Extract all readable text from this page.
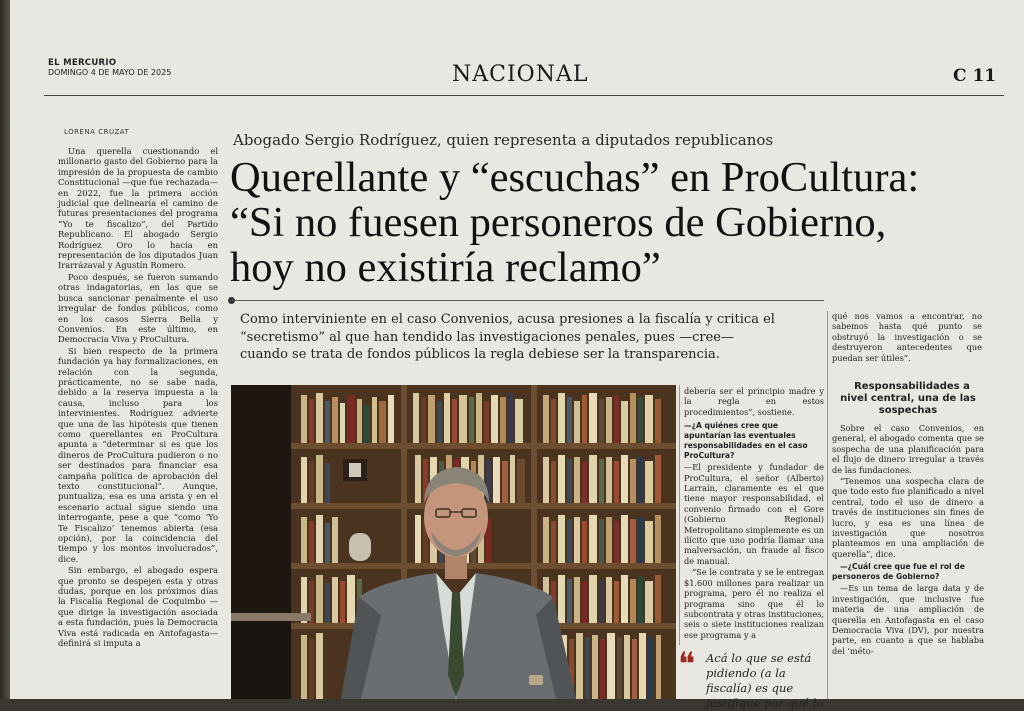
EL MERCURIO
DOMINGO 4 DE MAYO DE 2025	NACIONAL	C 11
LORENA CRUZAT

Una querella cuestionando el millonario gasto del Gobierno para la impresión de la propuesta de cambio Constitucional —que fue rechazada— en 2022, fue la primera acción judicial que delinearía el camino de futuras presentaciones del programa “Yo te fiscalizo”, del Partido Republicano. El abogado Sergio Rodríguez Oro lo hacía en representación de los diputados Juan Irarrázaval y Agustín Romero.

Poco después, se fueron sumando otras indagatorias, en las que se busca sancionar penalmente el uso irregular de fondos públicos, como en los casos Sierra Bella y Convenios. En este último, en Democracia Viva y ProCultura.

Si bien respecto de la primera fundación ya hay formalizaciones, en relación con la segunda, prácticamente, no se sabe nada, debido a la reserva impuesta a la causa, incluso para los intervinientes. Rodríguez advierte que una de las hipótesis que tienen como querellantes en ProCultura apunta a “determinar si es que los dineros de ProCultura pudieron o no ser destinados para financiar esa campaña política de aprobación del texto constitucional”. Aunque, puntualiza, esa es una arista y en el escenario actual sigue siendo una interrogante, pese a que “como ‘Yo Te Fiscalizo’ tenemos abierta (esa opción), por la coincidencia del tiempo y los montos involucrados”, dice.

Sin embargo, el abogado espera que pronto se despejen esta y otras dudas, porque en los próximos días la Fiscalía Regional de Coquimbo —que dirige la investigación asociada a esta fundación, pues la Democracia Viva está radicada en Antofagasta— definirá si imputa a

Abogado Sergio Rodríguez, quien representa a diputados republicanos
Querellante y “escuchas” en ProCultura:
“Si no fuesen personeros de Gobierno,
hoy no existiría reclamo”
Como interviniente en el caso Convenios, acusa presiones a la fiscalía y critica el
“secretismo” al que han tendido las investigaciones penales, pues —cree—
cuando se trata de fondos públicos la regla debiese ser la transparencia.

qué nos vamos a encontrar, no sabemos hasta qué punto se obstruyó la investigación o se destruyeron antecedentes que puedan ser útiles”.

debería ser el principio madre y la regla en estos procedimientos”, sostiene.

—¿A quiénes cree que apuntarían las eventuales responsabilidades en el caso ProCultura?

—El presidente y fundador de ProCultura, el señor (Alberto) Larraín, claramente es el que tiene mayor responsabilidad, el convenio firmado con el Gore (Gobierno Regional) Metropolitano simplemente es un ilícito que uno podría llamar una malversación, un fraude al fisco de manual.

“Se le contrata y se le entregan $1.600 millones para realizar un programa, pero él no realiza el programa sino que él lo subcontrata y otras instituciones, seis o siete instituciones realizan ese programa y a

Responsabilidades a nivel central, una de las sospechas

Sobre el caso Convenios, en general, el abogado comenta que se sospecha de una planificación para el flujo de dinero irregular a través de las fundaciones.

“Tenemos una sospecha clara de que todo esto fue planificado a nivel central, todo el uso de dinero a través de instituciones sin fines de lucro, y esa es una línea de investigación que nosotros planteamos en una ampliación de querella”, dice.

—¿Cuál cree que fue el rol de personeros de Gobierno?

—Es un tema de larga data y de investigación, que inclusive fue materia de una ampliación de querella en Antofagasta en el caso Democracia Viva (DV), por nuestra parte, en cuanto a que se hablaba del ‘méto-

❝ Acá lo que se está pidiendo (a la fiscalía) es que justifique por qué lo
